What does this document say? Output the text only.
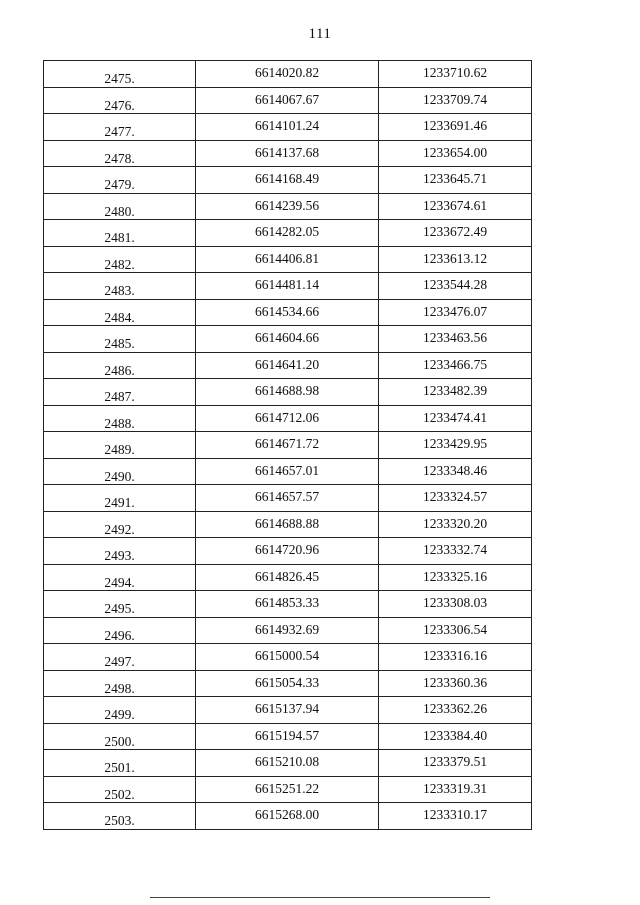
111
2475.	6614020.82	1233710.62
2476.	6614067.67	1233709.74
2477.	6614101.24	1233691.46
2478.	6614137.68	1233654.00
2479.	6614168.49	1233645.71
2480.	6614239.56	1233674.61
2481.	6614282.05	1233672.49
2482.	6614406.81	1233613.12
2483.	6614481.14	1233544.28
2484.	6614534.66	1233476.07
2485.	6614604.66	1233463.56
2486.	6614641.20	1233466.75
2487.	6614688.98	1233482.39
2488.	6614712.06	1233474.41
2489.	6614671.72	1233429.95
2490.	6614657.01	1233348.46
2491.	6614657.57	1233324.57
2492.	6614688.88	1233320.20
2493.	6614720.96	1233332.74
2494.	6614826.45	1233325.16
2495.	6614853.33	1233308.03
2496.	6614932.69	1233306.54
2497.	6615000.54	1233316.16
2498.	6615054.33	1233360.36
2499.	6615137.94	1233362.26
2500.	6615194.57	1233384.40
2501.	6615210.08	1233379.51
2502.	6615251.22	1233319.31
2503.	6615268.00	1233310.17
